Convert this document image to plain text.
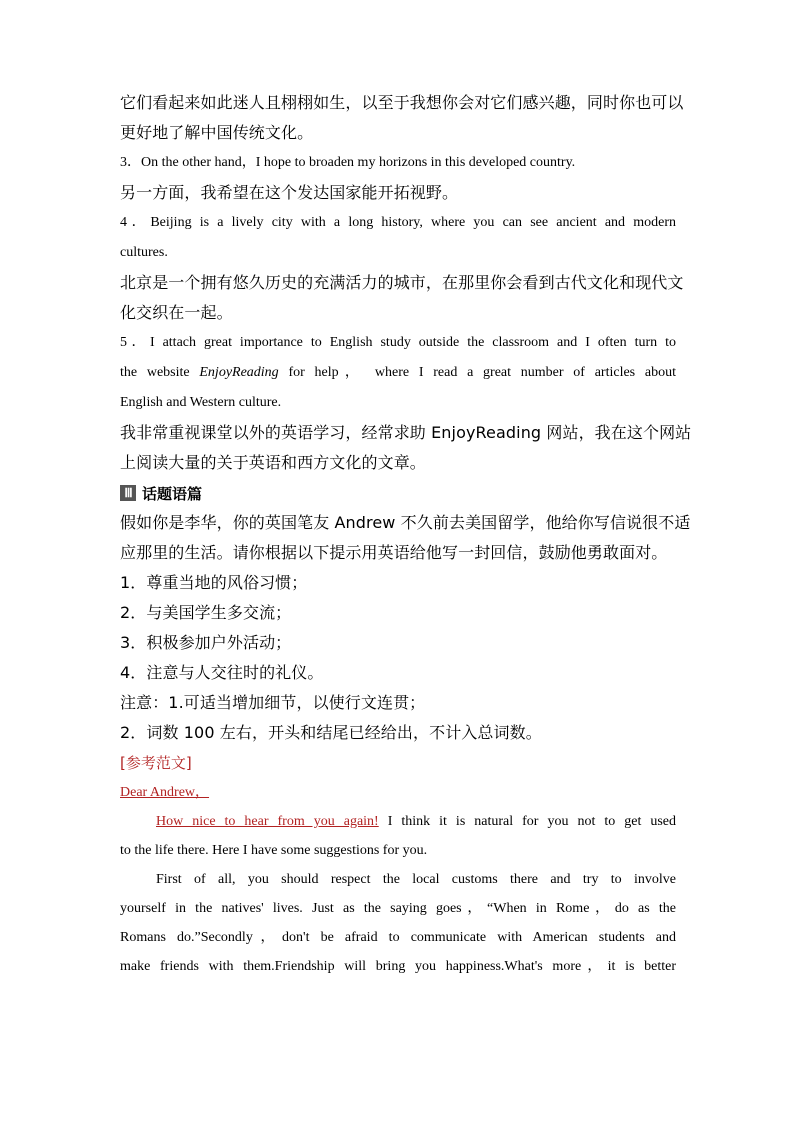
它们看起来如此迷人且栩栩如生，以至于我想你会对它们感兴趣，同时你也可以

更好地了解中国传统文化。

3．On the other hand，I hope to broaden my horizons in this developed country.

另一方面，我希望在这个发达国家能开拓视野。

4．Beijing is a lively city with a long history, where you can see ancient and modern

cultures.

北京是一个拥有悠久历史的充满活力的城市，在那里你会看到古代文化和现代文

化交织在一起。

5．I attach great importance to English study outside the classroom and I often turn to

the website EnjoyReading for help， where I read a great number of articles about

English and Western culture.

我非常重视课堂以外的英语学习，经常求助 EnjoyReading 网站，我在这个网站

上阅读大量的关于英语和西方文化的文章。

Ⅲ 话题语篇

假如你是李华，你的英国笔友 Andrew 不久前去美国留学，他给你写信说很不适

应那里的生活。请你根据以下提示用英语给他写一封回信，鼓励他勇敢面对。

1．尊重当地的风俗习惯；

2．与美国学生多交流；

3．积极参加户外活动；

4．注意与人交往时的礼仪。

注意：1.可适当增加细节，以使行文连贯；

2．词数 100 左右，开头和结尾已经给出，不计入总词数。

[参考范文]

Dear Andrew，

How nice to hear from you again! I think it is natural for you not to get used

to the life there. Here I have some suggestions for you.

First of all, you should respect the local customs there and try to involve

yourself in the natives' lives. Just as the saying goes，“When in Rome，do as the

Romans do.”Secondly，don't be afraid to communicate with American students and

make friends with them.Friendship will bring you happiness.What's more，it is better
